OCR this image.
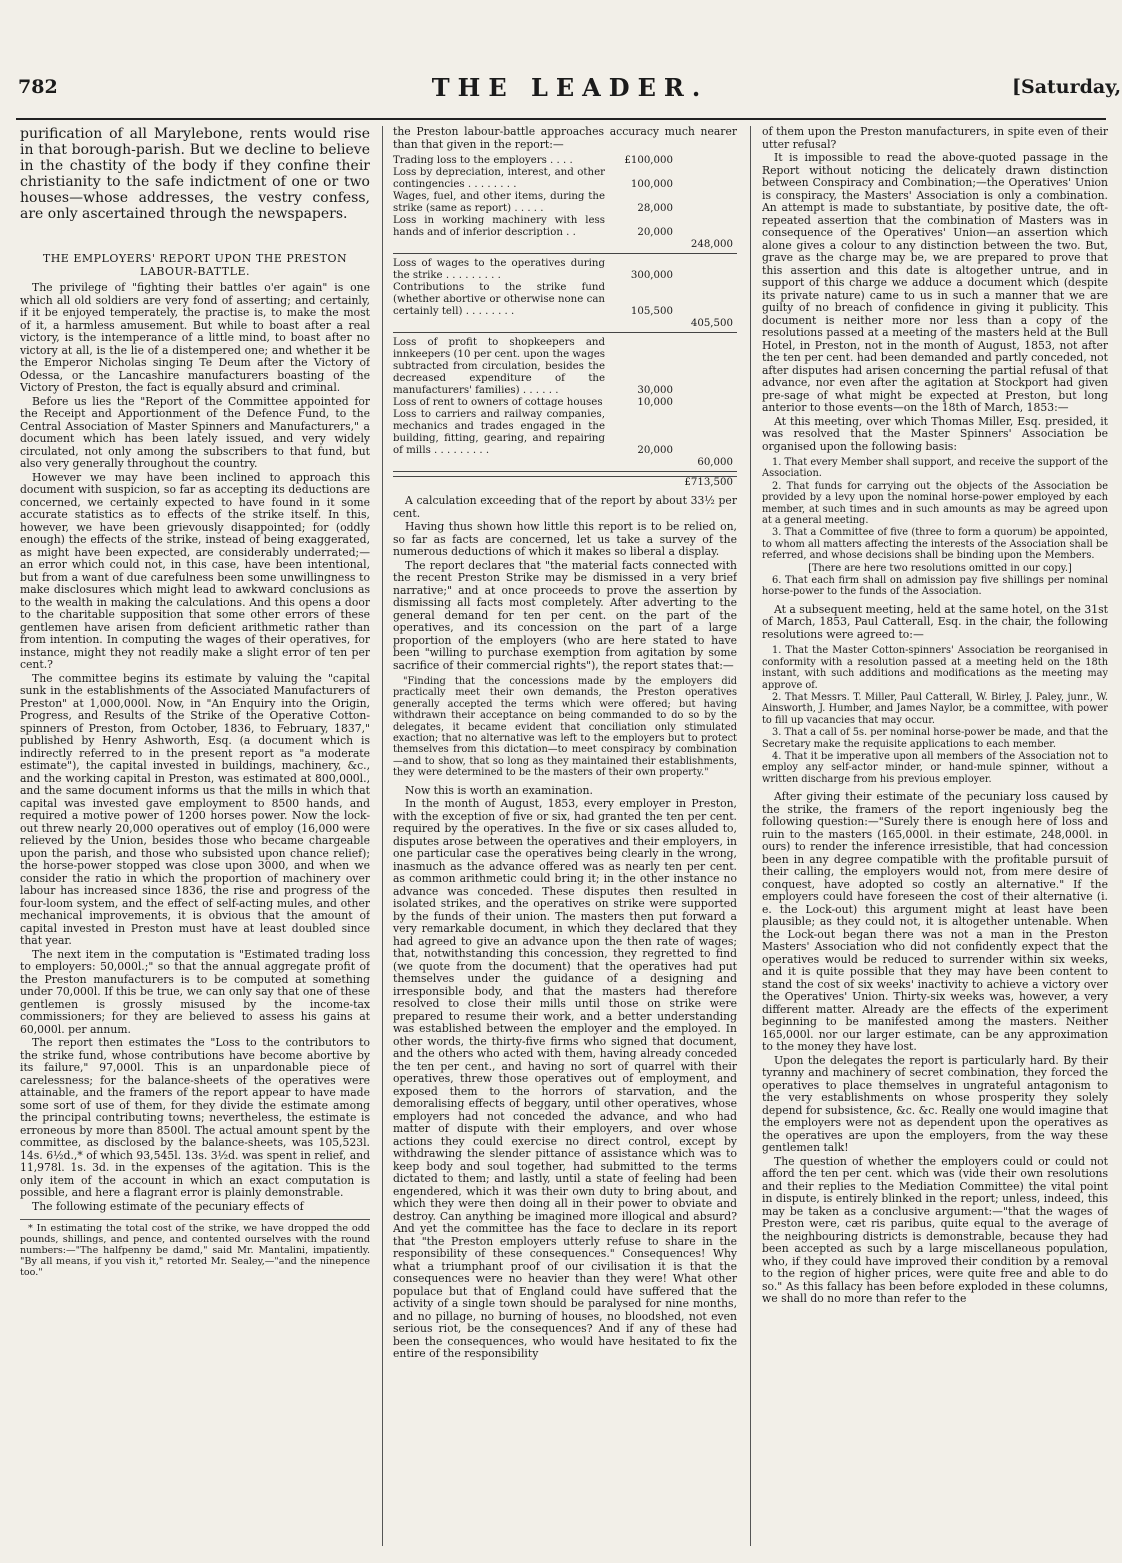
782	THE LEADER.	[Saturday,

purification of all Marylebone, rents would rise in that borough-parish. But we decline to believe in the chastity of the body if they confine their christianity to the safe indictment of one or two houses—whose addresses, the vestry confess, are only ascertained through the newspapers.

THE EMPLOYERS' REPORT UPON THE PRESTON LABOUR-BATTLE.

The privilege of "fighting their battles o'er again" is one which all old soldiers are very fond of asserting; and certainly, if it be enjoyed temperately, the practise is, to make the most of it, a harmless amusement. But while to boast after a real victory, is the intemperance of a little mind, to boast after no victory at all, is the lie of a distempered one; and whether it be the Emperor Nicholas singing Te Deum after the Victory of Odessa, or the Lancashire manufacturers boasting of the Victory of Preston, the fact is equally absurd and criminal.

Before us lies the "Report of the Committee appointed for the Receipt and Apportionment of the Defence Fund, to the Central Association of Master Spinners and Manufacturers," a document which has been lately issued, and very widely circulated, not only among the subscribers to that fund, but also very generally throughout the country.

However we may have been inclined to approach this document with suspicion, so far as accepting its deductions are concerned, we certainly expected to have found in it some accurate statistics as to effects of the strike itself. In this, however, we have been grievously disappointed; for (oddly enough) the effects of the strike, instead of being exaggerated, as might have been expected, are considerably underrated;—an error which could not, in this case, have been intentional, but from a want of due carefulness been some unwillingness to make disclosures which might lead to awkward conclusions as to the wealth in making the calculations. And this opens a door to the charitable supposition that some other errors of these gentlemen have arisen from deficient arithmetic rather than from intention. In computing the wages of their operatives, for instance, might they not readily make a slight error of ten per cent.?

The committee begins its estimate by valuing the "capital sunk in the establishments of the Associated Manufacturers of Preston" at 1,000,000l. Now, in "An Enquiry into the Origin, Progress, and Results of the Strike of the Operative Cotton-spinners of Preston, from October, 1836, to February, 1837," published by Henry Ashworth, Esq. (a document which is indirectly referred to in the present report as "a moderate estimate"), the capital invested in buildings, machinery, &c., and the working capital in Preston, was estimated at 800,000l., and the same document informs us that the mills in which that capital was invested gave employment to 8500 hands, and required a motive power of 1200 horses power. Now the lock-out threw nearly 20,000 operatives out of employ (16,000 were relieved by the Union, besides those who became chargeable upon the parish, and those who subsisted upon chance relief); the horse-power stopped was close upon 3000, and when we consider the ratio in which the proportion of machinery over labour has increased since 1836, the rise and progress of the four-loom system, and the effect of self-acting mules, and other mechanical improvements, it is obvious that the amount of capital invested in Preston must have at least doubled since that year.

The next item in the computation is "Estimated trading loss to employers: 50,000l.;" so that the annual aggregate profit of the Preston manufacturers is to be computed at something under 70,000l. If this be true, we can only say that one of these gentlemen is grossly misused by the income-tax commissioners; for they are believed to assess his gains at 60,000l. per annum.

The report then estimates the "Loss to the contributors to the strike fund, whose contributions have become abortive by its failure," 97,000l. This is an unpardonable piece of carelessness; for the balance-sheets of the operatives were attainable, and the framers of the report appear to have made some sort of use of them, for they divide the estimate among the principal contributing towns; nevertheless, the estimate is erroneous by more than 8500l. The actual amount spent by the committee, as disclosed by the balance-sheets, was 105,523l. 14s. 6½d.,* of which 93,545l. 13s. 3½d. was spent in relief, and 11,978l. 1s. 3d. in the expenses of the agitation. This is the only item of the account in which an exact computation is possible, and here a flagrant error is plainly demonstrable.

The following estimate of the pecuniary effects of

* In estimating the total cost of the strike, we have dropped the odd pounds, shillings, and pence, and contented ourselves with the round numbers:—"The halfpenny be damd," said Mr. Mantalini, impatiently. "By all means, if you vish it," retorted Mr. Sealey,—"and the ninepence too."

the Preston labour-battle approaches accuracy much nearer than that given in the report:—

Trading loss to the employers . . . .	£100,000
Loss by depreciation, interest, and other contingencies . . . . . . . .	100,000
Wages, fuel, and other items, during the strike (same as report) . . . . .	28,000
Loss in working machinery with less hands and of inferior description . .	20,000
248,000
Loss of wages to the operatives during the strike . . . . . . . . .	300,000
Contributions to the strike fund (whether abortive or otherwise none can certainly tell) . . . . . . . .	105,500
405,500
Loss of profit to shopkeepers and innkeepers (10 per cent. upon the wages subtracted from circulation, besides the decreased expenditure of the manufacturers' families) . . . . . .	30,000
Loss of rent to owners of cottage houses	10,000
Loss to carriers and railway companies, mechanics and trades engaged in the building, fitting, gearing, and repairing of mills . . . . . . . . .	20,000
60,000
£713,500

A calculation exceeding that of the report by about 33½ per cent.

Having thus shown how little this report is to be relied on, so far as facts are concerned, let us take a survey of the numerous deductions of which it makes so liberal a display.

The report declares that "the material facts connected with the recent Preston Strike may be dismissed in a very brief narrative;" and at once proceeds to prove the assertion by dismissing all facts most completely. After adverting to the general demand for ten per cent. on the part of the operatives, and its concession on the part of a large proportion of the employers (who are here stated to have been "willing to purchase exemption from agitation by some sacrifice of their commercial rights"), the report states that:—

"Finding that the concessions made by the employers did practically meet their own demands, the Preston operatives generally accepted the terms which were offered; but having withdrawn their acceptance on being commanded to do so by the delegates, it became evident that conciliation only stimulated exaction; that no alternative was left to the employers but to protect themselves from this dictation—to meet conspiracy by combination—and to show, that so long as they maintained their establishments, they were determined to be the masters of their own property."

Now this is worth an examination.

In the month of August, 1853, every employer in Preston, with the exception of five or six, had granted the ten per cent. required by the operatives. In the five or six cases alluded to, disputes arose between the operatives and their employers, in one particular case the operatives being clearly in the wrong, inasmuch as the advance offered was as nearly ten per cent. as common arithmetic could bring it; in the other instance no advance was conceded. These disputes then resulted in isolated strikes, and the operatives on strike were supported by the funds of their union. The masters then put forward a very remarkable document, in which they declared that they had agreed to give an advance upon the then rate of wages; that, notwithstanding this concession, they regretted to find (we quote from the document) that the operatives had put themselves under the guidance of a designing and irresponsible body, and that the masters had therefore resolved to close their mills until those on strike were prepared to resume their work, and a better understanding was established between the employer and the employed. In other words, the thirty-five firms who signed that document, and the others who acted with them, having already conceded the ten per cent., and having no sort of quarrel with their operatives, threw those operatives out of employment, and exposed them to the horrors of starvation, and the demoralising effects of beggary, until other operatives, whose employers had not conceded the advance, and who had matter of dispute with their employers, and over whose actions they could exercise no direct control, except by withdrawing the slender pittance of assistance which was to keep body and soul together, had submitted to the terms dictated to them; and lastly, until a state of feeling had been engendered, which it was their own duty to bring about, and which they were then doing all in their power to obviate and destroy. Can anything be imagined more illogical and absurd? And yet the committee has the face to declare in its report that "the Preston employers utterly refuse to share in the responsibility of these consequences." Consequences! Why what a triumphant proof of our civilisation it is that the consequences were no heavier than they were! What other populace but that of England could have suffered that the activity of a single town should be paralysed for nine months, and no pillage, no burning of houses, no bloodshed, not even serious riot, be the consequences? And if any of these had been the consequences, who would have hesitated to fix the entire of the responsibility

of them upon the Preston manufacturers, in spite even of their utter refusal?

It is impossible to read the above-quoted passage in the Report without noticing the delicately drawn distinction between Conspiracy and Combination;—the Operatives' Union is conspiracy, the Masters' Association is only a combination. An attempt is made to substantiate, by positive date, the oft-repeated assertion that the combination of Masters was in consequence of the Operatives' Union—an assertion which alone gives a colour to any distinction between the two. But, grave as the charge may be, we are prepared to prove that this assertion and this date is altogether untrue, and in support of this charge we adduce a document which (despite its private nature) came to us in such a manner that we are guilty of no breach of confidence in giving it publicity. This document is neither more nor less than a copy of the resolutions passed at a meeting of the masters held at the Bull Hotel, in Preston, not in the month of August, 1853, not after the ten per cent. had been demanded and partly conceded, not after disputes had arisen concerning the partial refusal of that advance, nor even after the agitation at Stockport had given pre-sage of what might be expected at Preston, but long anterior to those events—on the 18th of March, 1853:—

At this meeting, over which Thomas Miller, Esq. presided, it was resolved that the Master Spinners' Association be organised upon the following basis:

1. That every Member shall support, and receive the support of the Association.

2. That funds for carrying out the objects of the Association be provided by a levy upon the nominal horse-power employed by each member, at such times and in such amounts as may be agreed upon at a general meeting.

3. That a Committee of five (three to form a quorum) be appointed, to whom all matters affecting the interests of the Association shall be referred, and whose decisions shall be binding upon the Members.

[There are here two resolutions omitted in our copy.]

6. That each firm shall on admission pay five shillings per nominal horse-power to the funds of the Association.

At a subsequent meeting, held at the same hotel, on the 31st of March, 1853, Paul Catterall, Esq. in the chair, the following resolutions were agreed to:—

1. That the Master Cotton-spinners' Association be reorganised in conformity with a resolution passed at a meeting held on the 18th instant, with such additions and modifications as the meeting may approve of.

2. That Messrs. T. Miller, Paul Catterall, W. Birley, J. Paley, junr., W. Ainsworth, J. Humber, and James Naylor, be a committee, with power to fill up vacancies that may occur.

3. That a call of 5s. per nominal horse-power be made, and that the Secretary make the requisite applications to each member.

4. That it be imperative upon all members of the Association not to employ any self-actor minder, or hand-mule spinner, without a written discharge from his previous employer.

After giving their estimate of the pecuniary loss caused by the strike, the framers of the report ingeniously beg the following question:—"Surely there is enough here of loss and ruin to the masters (165,000l. in their estimate, 248,000l. in ours) to render the inference irresistible, that had concession been in any degree compatible with the profitable pursuit of their calling, the employers would not, from mere desire of conquest, have adopted so costly an alternative." If the employers could have foreseen the cost of their alternative (i. e. the Lock-out) this argument might at least have been plausible; as they could not, it is altogether untenable. When the Lock-out began there was not a man in the Preston Masters' Association who did not confidently expect that the operatives would be reduced to surrender within six weeks, and it is quite possible that they may have been content to stand the cost of six weeks' inactivity to achieve a victory over the Operatives' Union. Thirty-six weeks was, however, a very different matter. Already are the effects of the experiment beginning to be manifested among the masters. Neither 165,000l. nor our larger estimate, can be any approximation to the money they have lost.

Upon the delegates the report is particularly hard. By their tyranny and machinery of secret combination, they forced the operatives to place themselves in ungrateful antagonism to the very establishments on whose prosperity they solely depend for subsistence, &c. &c. Really one would imagine that the employers were not as dependent upon the operatives as the operatives are upon the employers, from the way these gentlemen talk!

The question of whether the employers could or could not afford the ten per cent. which was (vide their own resolutions and their replies to the Mediation Committee) the vital point in dispute, is entirely blinked in the report; unless, indeed, this may be taken as a conclusive argument:—"that the wages of Preston were, cæt ris paribus, quite equal to the average of the neighbouring districts is demonstrable, because they had been accepted as such by a large miscellaneous population, who, if they could have improved their condition by a removal to the region of higher prices, were quite free and able to do so." As this fallacy has been before exploded in these columns, we shall do no more than refer to the
